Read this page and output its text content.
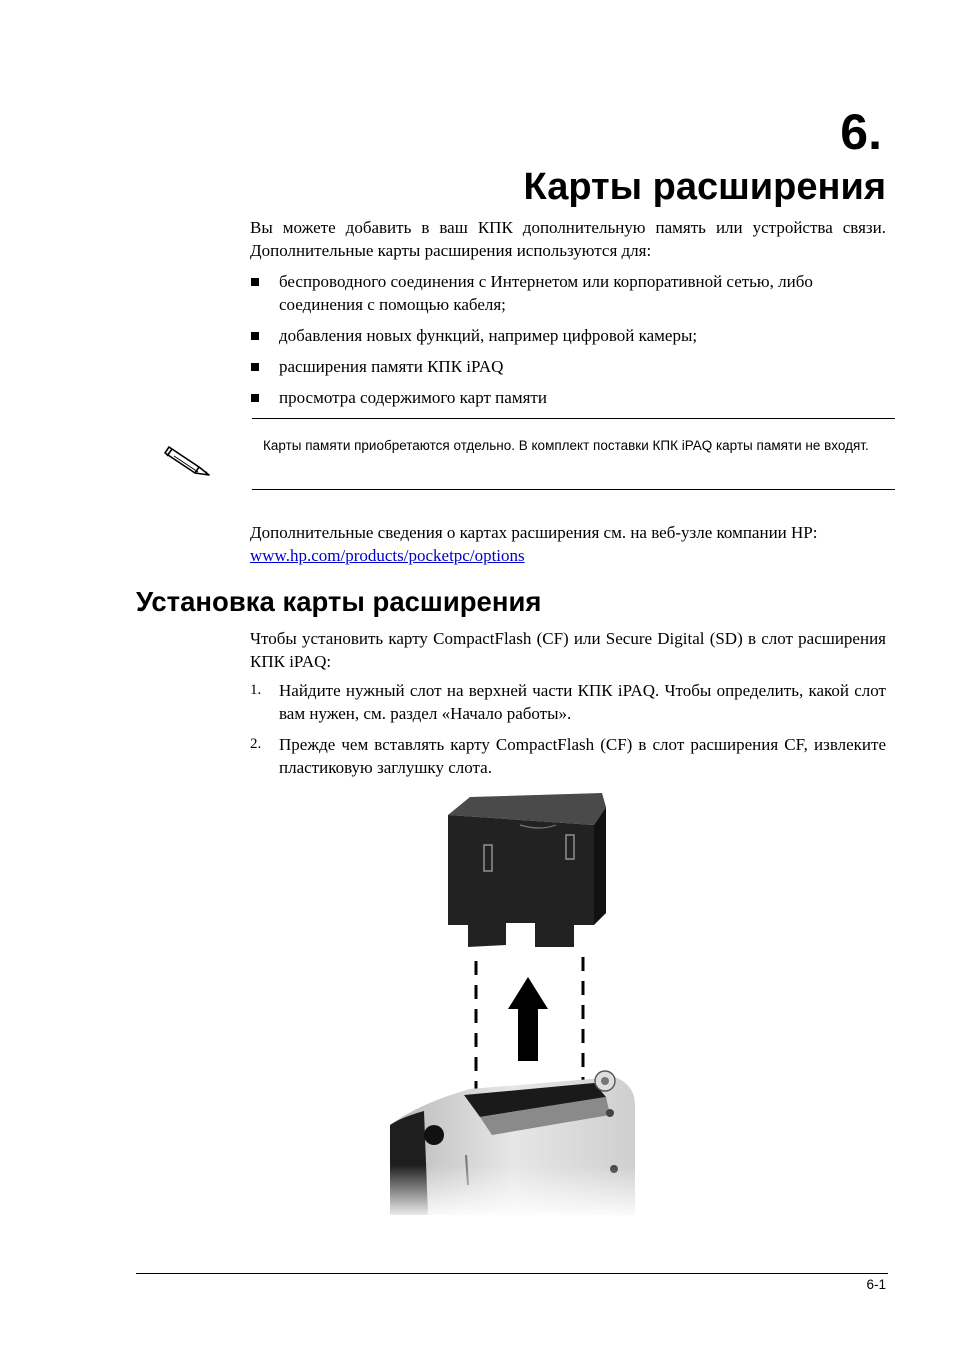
6.
Карты расширения
Вы можете добавить в ваш КПК дополнительную память или устройства связи. Дополнительные карты расширения используются для:
беспроводного соединения с Интернетом или корпоративной сетью, либо соединения с помощью кабеля;
добавления новых функций, например цифровой камеры;
расширения памяти КПК iPAQ
просмотра содержимого карт памяти
Карты памяти приобретаются отдельно. В комплект поставки КПК iPAQ карты памяти не входят.
Дополнительные сведения о картах расширения см. на веб-узле компании HP: www.hp.com/products/pocketpc/options
Установка карты расширения
Чтобы установить карту CompactFlash (CF) или Secure Digital (SD) в слот расширения КПК iPAQ:
1. Найдите нужный слот на верхней части КПК iPAQ. Чтобы определить, какой слот вам нужен, см. раздел «Начало работы».
2. Прежде чем вставлять карту CompactFlash (CF) в слот расширения CF, извлеките пластиковую заглушку слота.
6-1
